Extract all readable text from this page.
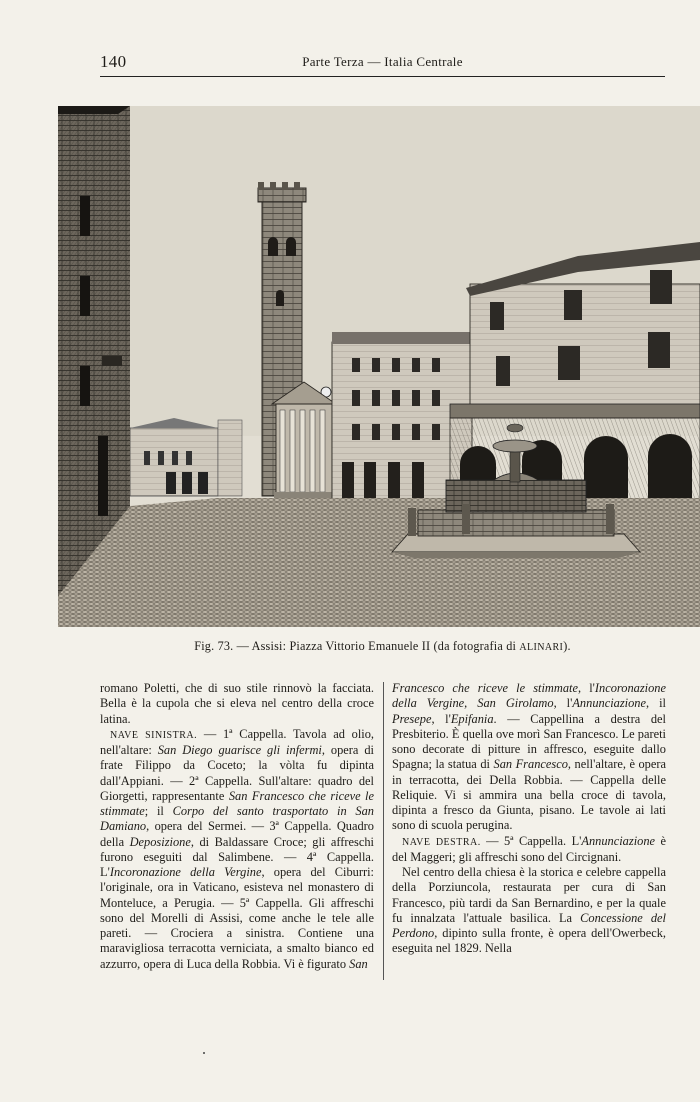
140	Parte Terza — Italia Centrale

Fig. 73. — Assisi: Piazza Vittorio Emanuele II (da fotografia di ALINARI).

romano Poletti, che di suo stile rinnovò la facciata. Bella è la cupola che si eleva nel centro della croce latina.

NAVE SINISTRA. — 1ª Cappella. Tavola ad olio, nell'altare: San Diego guarisce gli infermi, opera di frate Filippo da Coceto; la vòlta fu dipinta dall'Appiani. — 2ª Cappella. Sull'altare: quadro del Giorgetti, rappresentante San Francesco che riceve le stimmate; il Corpo del santo trasportato in San Damiano, opera del Sermei. — 3ª Cappella. Quadro della Deposizione, di Baldassare Croce; gli affreschi furono eseguiti dal Salimbene. — 4ª Cappella. L'Incoronazione della Vergine, opera del Ciburri: l'originale, ora in Vaticano, esisteva nel monastero di Monteluce, a Perugia. — 5ª Cappella. Gli affreschi sono del Morelli di Assisi, come anche le tele alle pareti. — Crociera a sinistra. Contiene una maravigliosa terracotta verniciata, a smalto bianco ed azzurro, opera di Luca della Robbia. Vi è figurato San

Francesco che riceve le stimmate, l'Incoronazione della Vergine, San Girolamo, l'Annunciazione, il Presepe, l'Epifania. — Cappellina a destra del Presbiterio. È quella ove morì San Francesco. Le pareti sono decorate di pitture in affresco, eseguite dallo Spagna; la statua di San Francesco, nell'altare, è opera in terracotta, dei Della Robbia. — Cappella delle Reliquie. Vi si ammira una bella croce di tavola, dipinta a fresco da Giunta, pisano. Le tavole ai lati sono di scuola perugina.

NAVE DESTRA. — 5ª Cappella. L'Annunciazione è del Maggeri; gli affreschi sono del Circignani.

Nel centro della chiesa è la storica e celebre cappella della Porziuncola, restaurata per cura di San Francesco, più tardi da San Bernardino, e per la quale fu innalzata l'attuale basilica. La Concessione del Perdono, dipinto sulla fronte, è opera dell'Owerbeck, eseguita nel 1829. Nella
